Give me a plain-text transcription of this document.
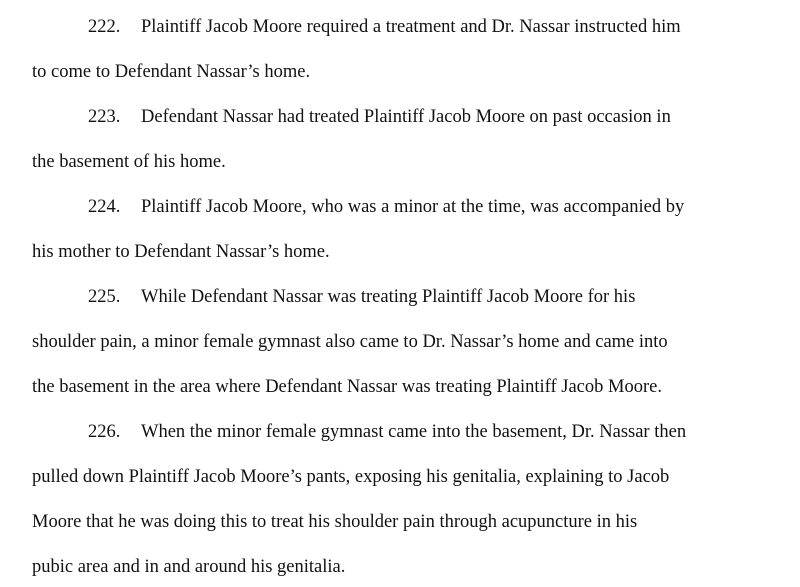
222. Plaintiff Jacob Moore required a treatment and Dr. Nassar instructed him
to come to Defendant Nassar’s home.
223. Defendant Nassar had treated Plaintiff Jacob Moore on past occasion in
the basement of his home.
224. Plaintiff Jacob Moore, who was a minor at the time, was accompanied by
his mother to Defendant Nassar’s home.
225. While Defendant Nassar was treating Plaintiff Jacob Moore for his
shoulder pain, a minor female gymnast also came to Dr. Nassar’s home and came into
the basement in the area where Defendant Nassar was treating Plaintiff Jacob Moore.
226. When the minor female gymnast came into the basement, Dr. Nassar then
pulled down Plaintiff Jacob Moore’s pants, exposing his genitalia, explaining to Jacob
Moore that he was doing this to treat his shoulder pain through acupuncture in his
pubic area and in and around his genitalia.
